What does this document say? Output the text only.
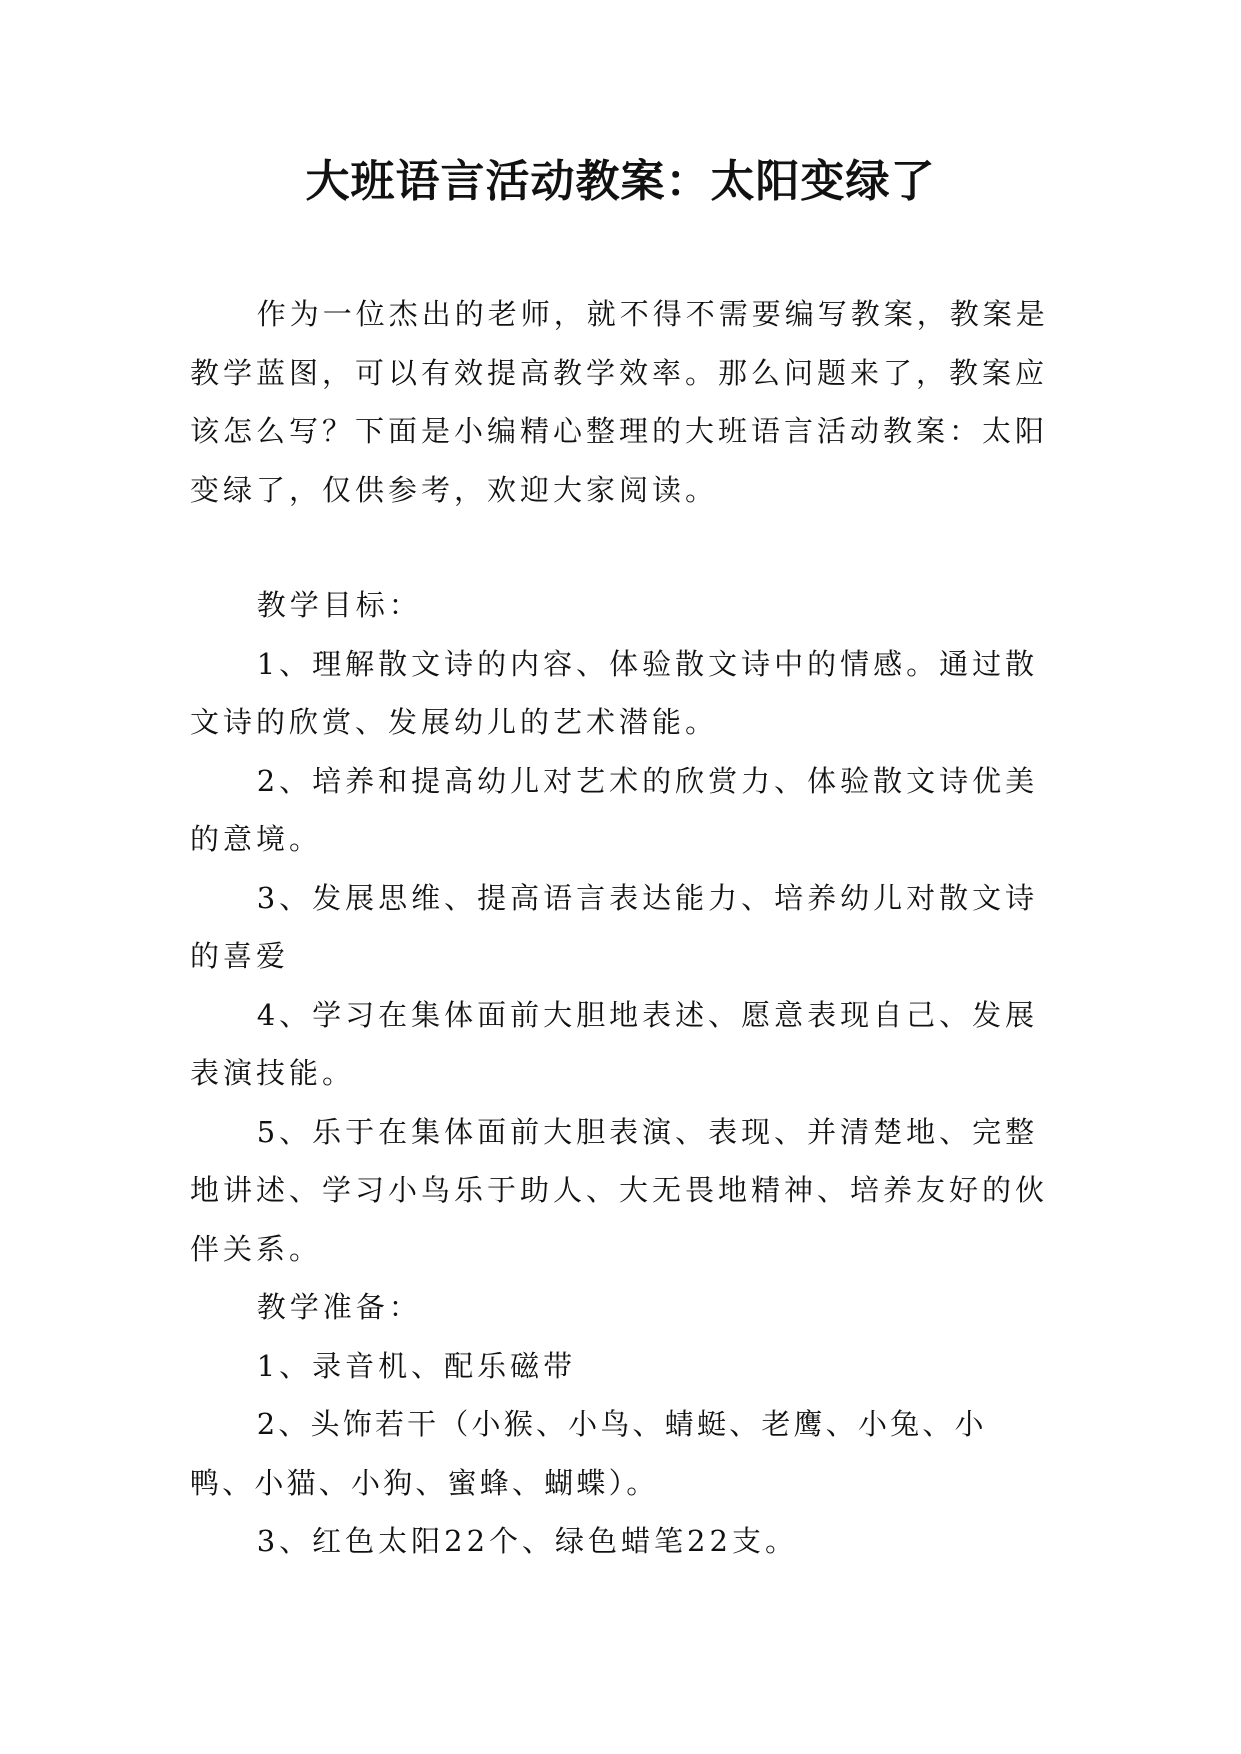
大班语言活动教案：太阳变绿了

作为一位杰出的老师，就不得不需要编写教案，教案是教学蓝图，可以有效提高教学效率。那么问题来了，教案应该怎么写？下面是小编精心整理的大班语言活动教案：太阳变绿了，仅供参考，欢迎大家阅读。

教学目标：

1、理解散文诗的内容、体验散文诗中的情感。通过散文诗的欣赏、发展幼儿的艺术潜能。

2、培养和提高幼儿对艺术的欣赏力、体验散文诗优美的意境。

3、发展思维、提高语言表达能力、培养幼儿对散文诗的喜爱

4、学习在集体面前大胆地表述、愿意表现自己、发展表演技能。

5、乐于在集体面前大胆表演、表现、并清楚地、完整地讲述、学习小鸟乐于助人、大无畏地精神、培养友好的伙伴关系。

教学准备：

1、录音机、配乐磁带

2、头饰若干（小猴、小鸟、蜻蜓、老鹰、小兔、小鸭、小猫、小狗、蜜蜂、蝴蝶）。

3、红色太阳22个、绿色蜡笔22支。
